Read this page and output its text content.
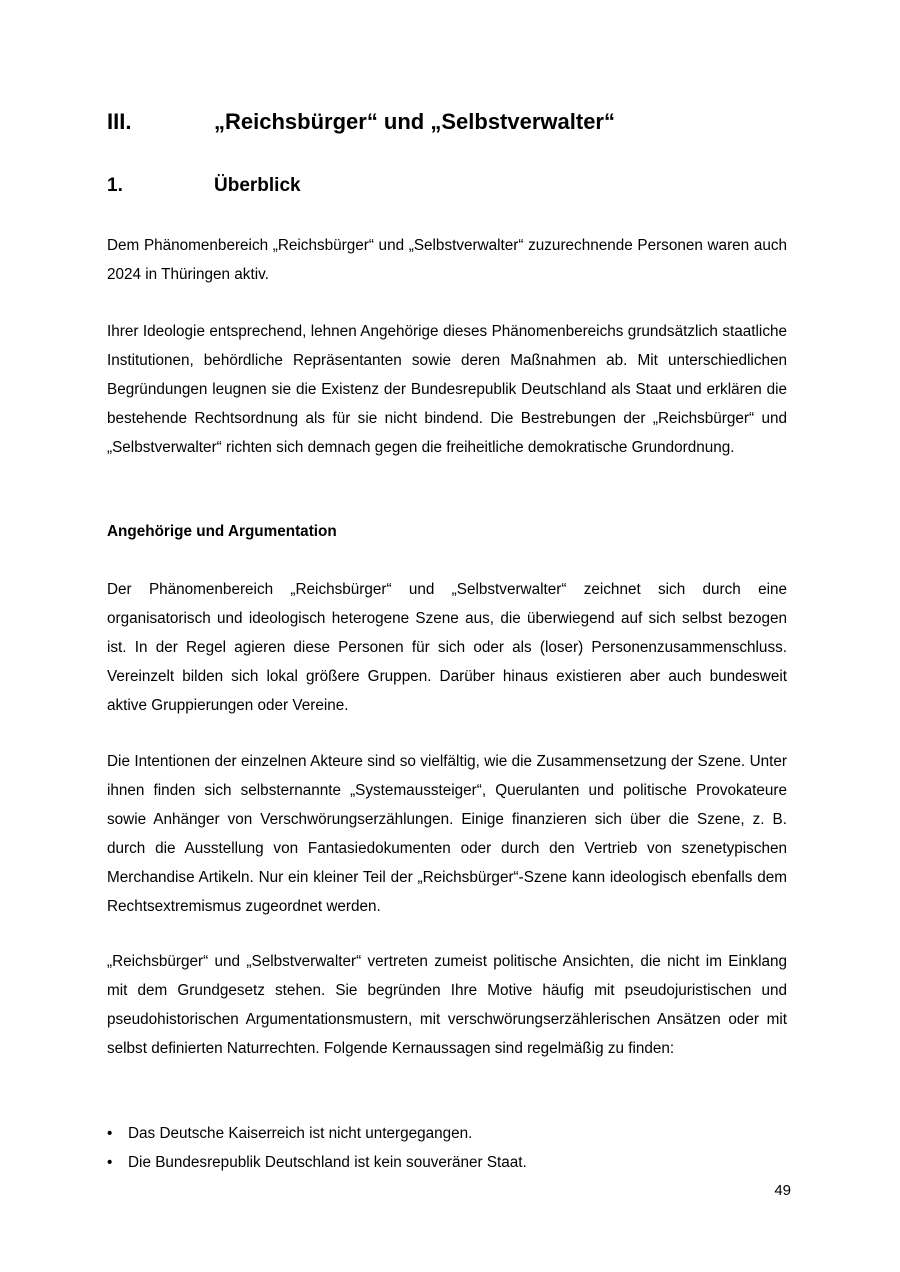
III.	„Reichsbürger“ und „Selbstverwalter“
1.	Überblick

Dem Phänomenbereich „Reichsbürger“ und „Selbstverwalter“ zuzurechnende Personen waren auch 2024 in Thüringen aktiv.

Ihrer Ideologie entsprechend, lehnen Angehörige dieses Phänomenbereichs grundsätzlich staatliche Institutionen, behördliche Repräsentanten sowie deren Maßnahmen ab. Mit unterschiedlichen Begründungen leugnen sie die Existenz der Bundesrepublik Deutschland als Staat und erklären die bestehende Rechtsordnung als für sie nicht bindend. Die Bestrebungen der „Reichsbürger“ und „Selbstverwalter“ richten sich demnach gegen die freiheitliche demokratische Grundordnung.

Angehörige und Argumentation

Der Phänomenbereich „Reichsbürger“ und „Selbstverwalter“ zeichnet sich durch eine organisatorisch und ideologisch heterogene Szene aus, die überwiegend auf sich selbst bezogen ist. In der Regel agieren diese Personen für sich oder als (loser) Personenzusammenschluss. Vereinzelt bilden sich lokal größere Gruppen. Darüber hinaus existieren aber auch bundesweit aktive Gruppierungen oder Vereine.

Die Intentionen der einzelnen Akteure sind so vielfältig, wie die Zusammensetzung der Szene. Unter ihnen finden sich selbsternannte „Systemaussteiger“, Querulanten und politische Provokateure sowie Anhänger von Verschwörungserzählungen. Einige finanzieren sich über die Szene, z. B. durch die Ausstellung von Fantasiedokumenten oder durch den Vertrieb von szenetypischen Merchandise Artikeln. Nur ein kleiner Teil der „Reichsbürger“-Szene kann ideologisch ebenfalls dem Rechtsextremismus zugeordnet werden.

„Reichsbürger“ und „Selbstverwalter“ vertreten zumeist politische Ansichten, die nicht im Einklang mit dem Grundgesetz stehen. Sie begründen Ihre Motive häufig mit pseudojuristischen und pseudohistorischen Argumentationsmustern, mit verschwörungserzählerischen Ansätzen oder mit selbst definierten Naturrechten. Folgende Kernaussagen sind regelmäßig zu finden:

• Das Deutsche Kaiserreich ist nicht untergegangen.
• Die Bundesrepublik Deutschland ist kein souveräner Staat.
49
